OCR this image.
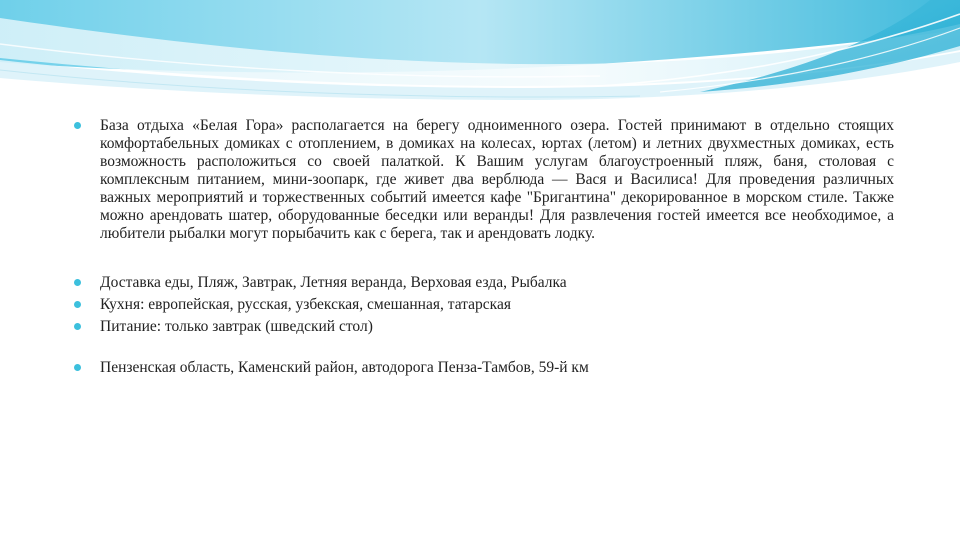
База отдыха «Белая Гора» располагается на берегу одноименного озера. Гостей принимают в отдельно стоящих комфортабельных домиках с отоплением, в домиках на колесах, юртах (летом) и летних двухместных домиках, есть возможность расположиться со своей палаткой. К Вашим услугам благоустроенный пляж, баня, столовая с комплексным питанием, мини-зоопарк, где живет два верблюда — Вася и Василиса! Для проведения различных важных мероприятий и торжественных событий имеется кафе "Бригантина" декорированное в морском стиле. Также можно арендовать шатер, оборудованные беседки или веранды! Для развлечения гостей имеется все необходимое, а любители рыбалки могут порыбачить как с берега, так и арендовать лодку.
Доставка еды, Пляж, Завтрак, Летняя веранда, Верховая езда, Рыбалка
Кухня: европейская, русская, узбекская, смешанная, татарская
Питание: только завтрак (шведский стол)
Пензенская область, Каменский район, автодорога Пенза-Тамбов, 59-й км
